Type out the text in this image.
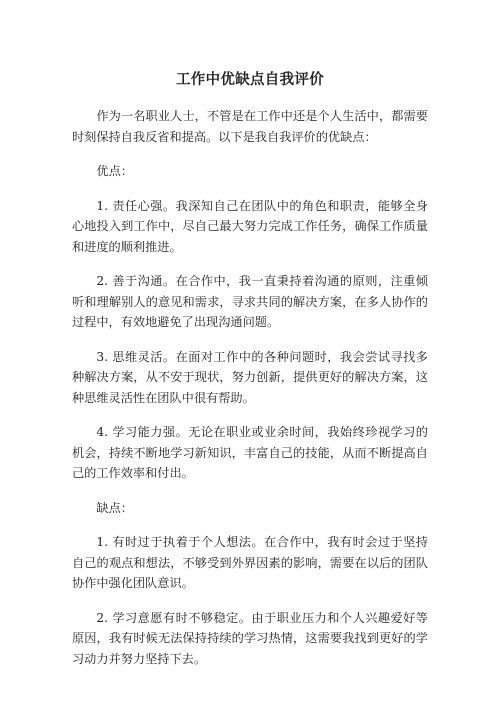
工作中优缺点自我评价

作为一名职业人士，不管是在工作中还是个人生活中，都需要时刻保持自我反省和提高。以下是我自我评价的优缺点：

优点：

1. 责任心强。我深知自己在团队中的角色和职责，能够全身心地投入到工作中，尽自己最大努力完成工作任务，确保工作质量和进度的顺利推进。

2. 善于沟通。在合作中，我一直秉持着沟通的原则，注重倾听和理解别人的意见和需求，寻求共同的解决方案，在多人协作的过程中，有效地避免了出现沟通问题。

3. 思维灵活。在面对工作中的各种问题时，我会尝试寻找多种解决方案，从不安于现状，努力创新，提供更好的解决方案，这种思维灵活性在团队中很有帮助。

4. 学习能力强。无论在职业或业余时间，我始终珍视学习的机会，持续不断地学习新知识，丰富自己的技能，从而不断提高自己的工作效率和付出。

缺点：

1. 有时过于执着于个人想法。在合作中，我有时会过于坚持自己的观点和想法，不够受到外界因素的影响，需要在以后的团队协作中强化团队意识。

2. 学习意愿有时不够稳定。由于职业压力和个人兴趣爱好等原因，我有时候无法保持持续的学习热情，这需要我找到更好的学习动力并努力坚持下去。
